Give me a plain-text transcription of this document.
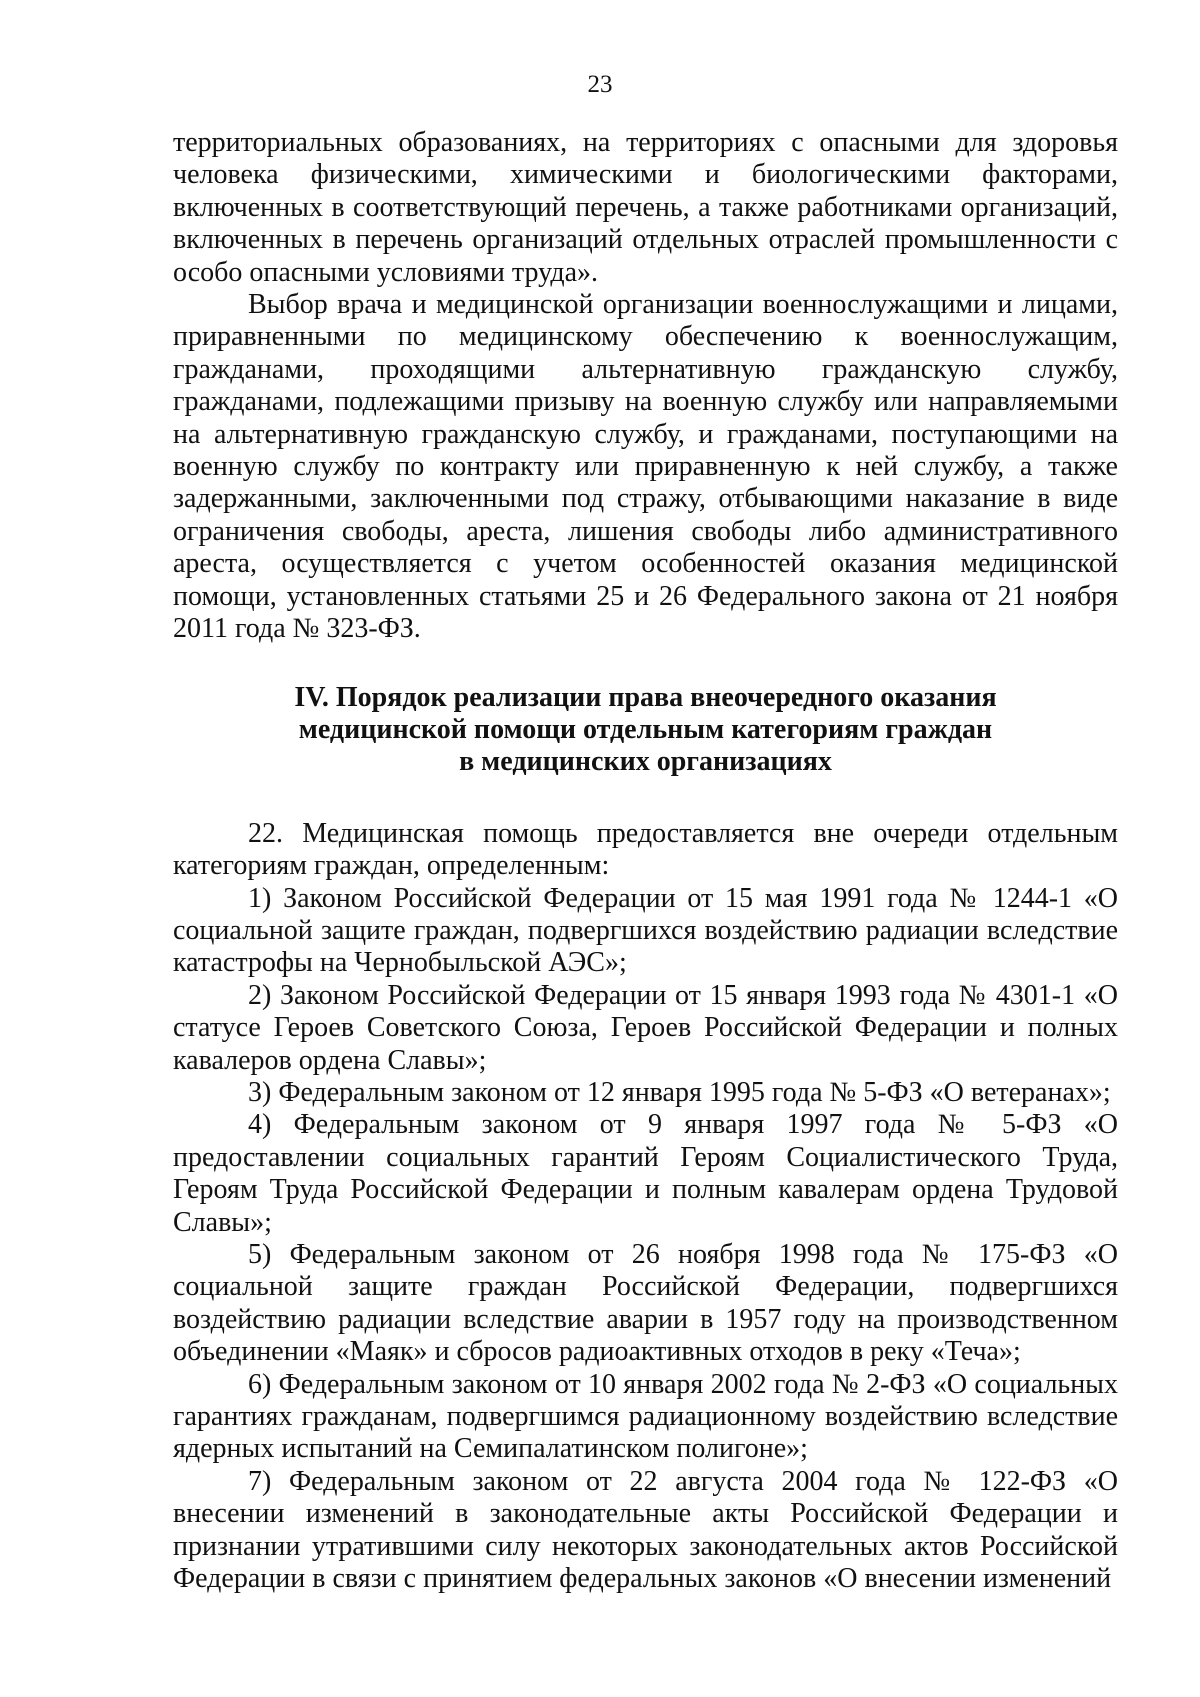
23

территориальных образованиях, на территориях с опасными для здоровья человека физическими, химическими и биологическими факторами, включенных в соответствующий перечень, а также работниками организаций, включенных в перечень организаций отдельных отраслей промышленности с особо опасными условиями труда».

Выбор врача и медицинской организации военнослужащими и лицами, приравненными по медицинскому обеспечению к военнослужащим, гражданами, проходящими альтернативную гражданскую службу, гражданами, подлежащими призыву на военную службу или направляемыми на альтернативную гражданскую службу, и гражданами, поступающими на военную службу по контракту или приравненную к ней службу, а также задержанными, заключенными под стражу, отбывающими наказание в виде ограничения свободы, ареста, лишения свободы либо административного ареста, осуществляется с учетом особенностей оказания медицинской помощи, установленных статьями 25 и 26 Федерального закона от 21 ноября 2011 года № 323-ФЗ.

IV. Порядок реализации права внеочередного оказания
медицинской помощи отдельным категориям граждан
в медицинских организациях

22. Медицинская помощь предоставляется вне очереди отдельным категориям граждан, определенным:

1) Законом Российской Федерации от 15 мая 1991 года № 1244-1 «О социальной защите граждан, подвергшихся воздействию радиации вследствие катастрофы на Чернобыльской АЭС»;

2) Законом Российской Федерации от 15 января 1993 года № 4301-1 «О статусе Героев Советского Союза, Героев Российской Федерации и полных кавалеров ордена Славы»;

3) Федеральным законом от 12 января 1995 года № 5-ФЗ «О ветеранах»;

4) Федеральным законом от 9 января 1997 года № 5-ФЗ «О предоставлении социальных гарантий Героям Социалистического Труда, Героям Труда Российской Федерации и полным кавалерам ордена Трудовой Славы»;

5) Федеральным законом от 26 ноября 1998 года № 175-ФЗ «О социальной защите граждан Российской Федерации, подвергшихся воздействию радиации вследствие аварии в 1957 году на производственном объединении «Маяк» и сбросов радиоактивных отходов в реку «Теча»;

6) Федеральным законом от 10 января 2002 года № 2-ФЗ «О социальных гарантиях гражданам, подвергшимся радиационному воздействию вследствие ядерных испытаний на Семипалатинском полигоне»;

7) Федеральным законом от 22 августа 2004 года № 122-ФЗ «О внесении изменений в законодательные акты Российской Федерации и признании утратившими силу некоторых законодательных актов Российской Федерации в связи с принятием федеральных законов «О внесении изменений
